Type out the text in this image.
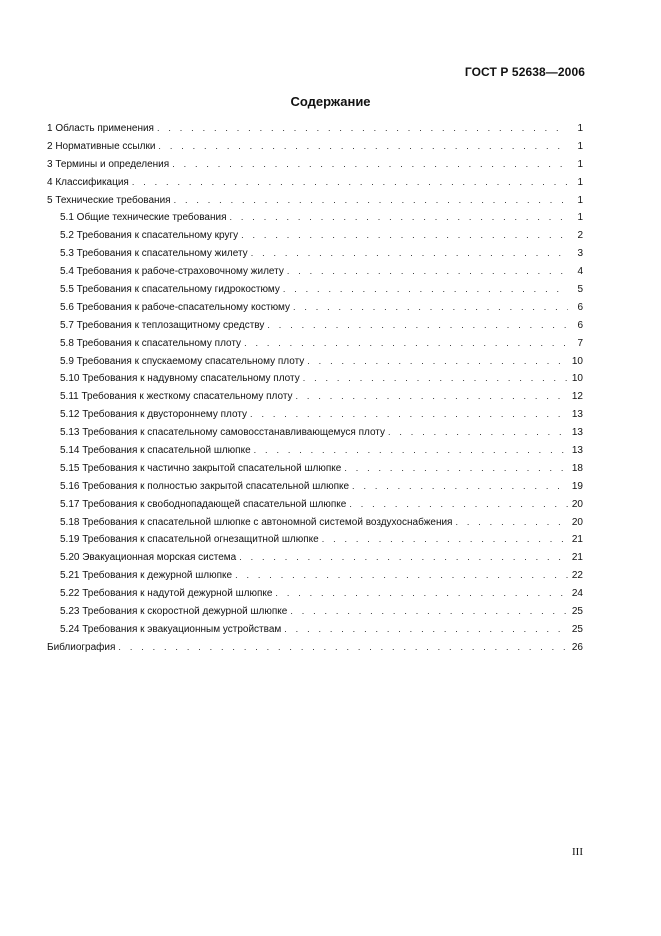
ГОСТ Р 52638—2006
Содержание
1 Область применения . . .	1
2 Нормативные ссылки . . .	1
3 Термины и определения . . .	1
4 Классификация . . .	1
5 Технические требования . . .	1
5.1 Общие технические требования . . .	1
5.2 Требования к спасательному кругу . . .	2
5.3 Требования к спасательному жилету . . .	3
5.4 Требования к рабоче-страховочному жилету . . .	4
5.5 Требования к спасательному гидрокостюму . . .	5
5.6 Требования к рабоче-спасательному костюму . . .	6
5.7 Требования к теплозащитному средству . . .	6
5.8 Требования к спасательному плоту . . .	7
5.9 Требования к спускаемому спасательному плоту . . .	10
5.10 Требования к надувному спасательному плоту . . .	10
5.11 Требования к жесткому спасательному плоту . . .	12
5.12 Требования к двустороннему плоту . . .	13
5.13 Требования к спасательному самовосстанавливающемуся плоту . . .	13
5.14 Требования к спасательной шлюпке . . .	13
5.15 Требования к частично закрытой спасательной шлюпке . . .	18
5.16 Требования к полностью закрытой спасательной шлюпке . . .	19
5.17 Требования к свободнопадающей спасательной шлюпке . . .	20
5.18 Требования к спасательной шлюпке с автономной системой воздухоснабжения . . .	20
5.19 Требования к спасательной огнезащитной шлюпке . . .	21
5.20 Эвакуационная морская система . . .	21
5.21 Требования к дежурной шлюпке . . .	22
5.22 Требования к надутой дежурной шлюпке . . .	24
5.23 Требования к скоростной дежурной шлюпке . . .	25
5.24 Требования к эвакуационным устройствам . . .	25
Библиография . . .	26
III
